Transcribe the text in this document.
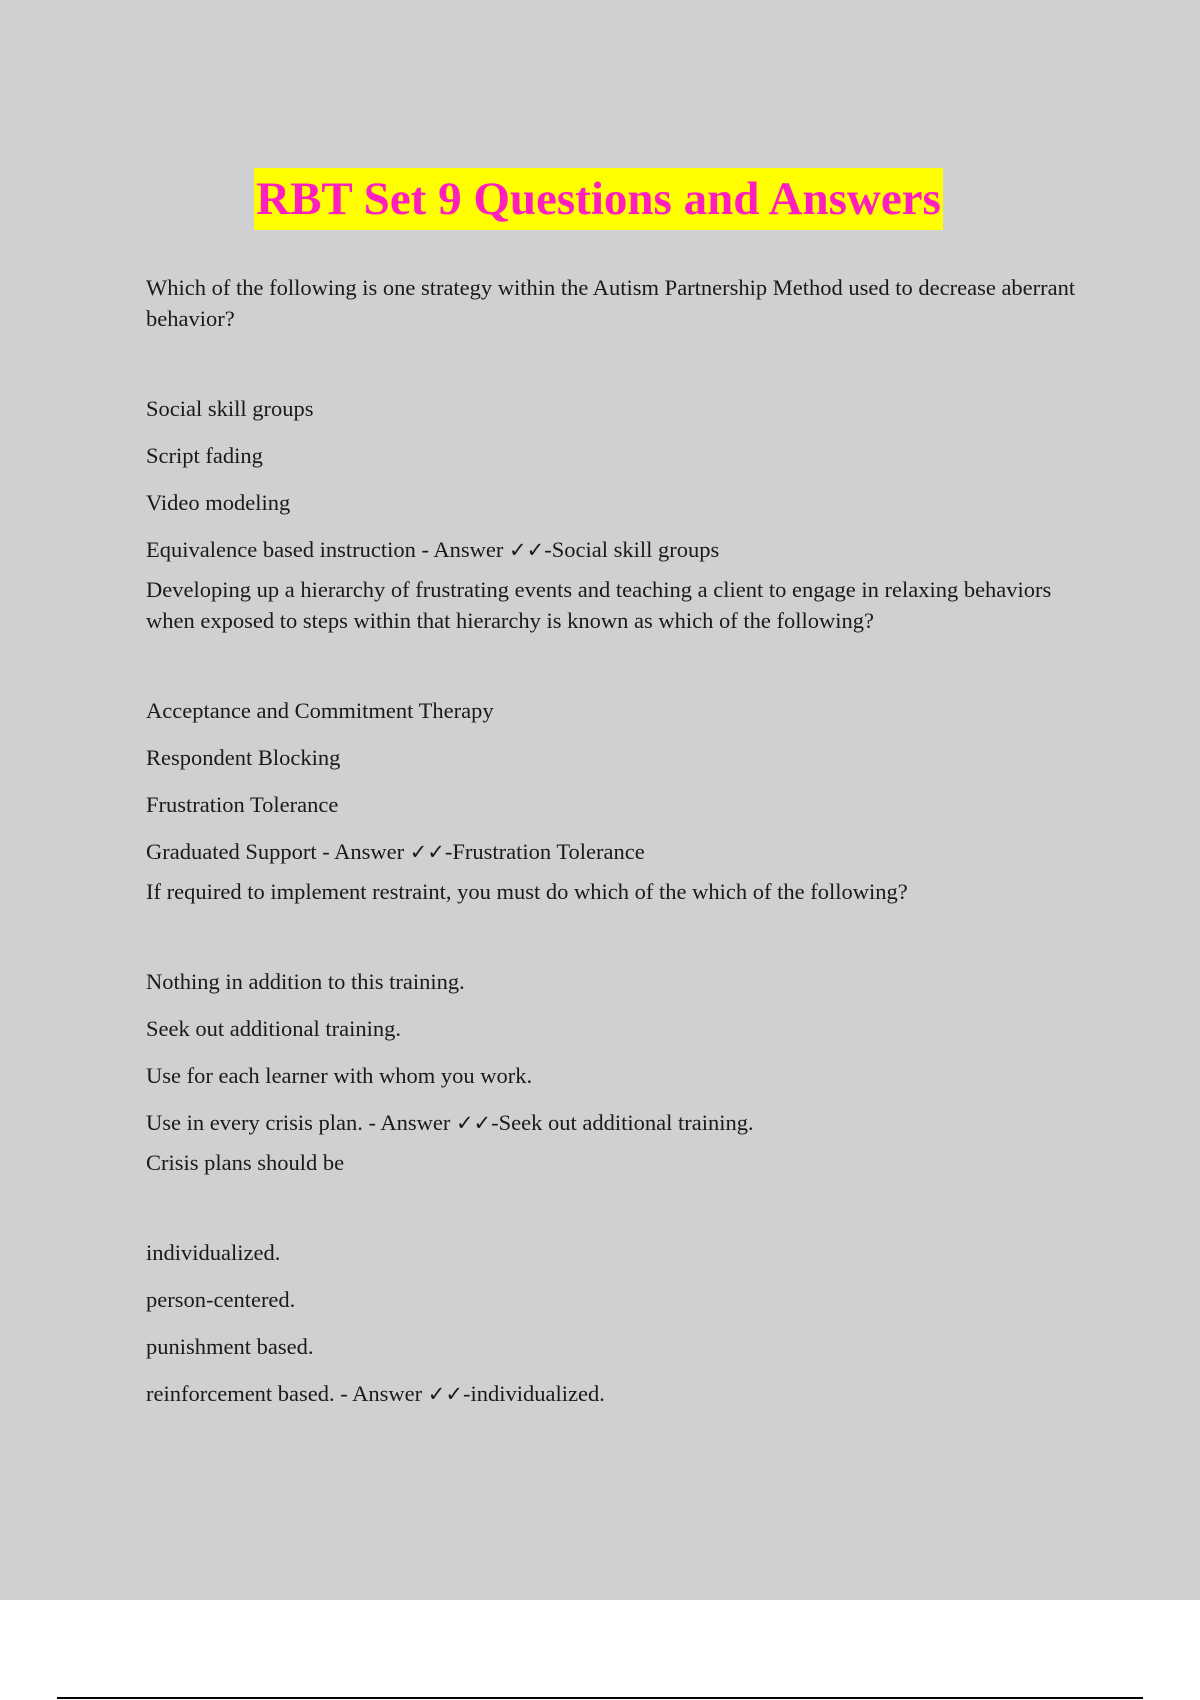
RBT Set 9 Questions and Answers

Which of the following is one strategy within the Autism Partnership Method used to decrease aberrant behavior?

Social skill groups

Script fading

Video modeling

Equivalence based instruction - Answer ✓✓-Social skill groups

Developing up a hierarchy of frustrating events and teaching a client to engage in relaxing behaviors when exposed to steps within that hierarchy is known as which of the following?

Acceptance and Commitment Therapy

Respondent Blocking

Frustration Tolerance

Graduated Support - Answer ✓✓-Frustration Tolerance

If required to implement restraint, you must do which of the which of the following?

Nothing in addition to this training.

Seek out additional training.

Use for each learner with whom you work.

Use in every crisis plan. - Answer ✓✓-Seek out additional training.

Crisis plans should be

individualized.

person-centered.

punishment based.

reinforcement based. - Answer ✓✓-individualized.
